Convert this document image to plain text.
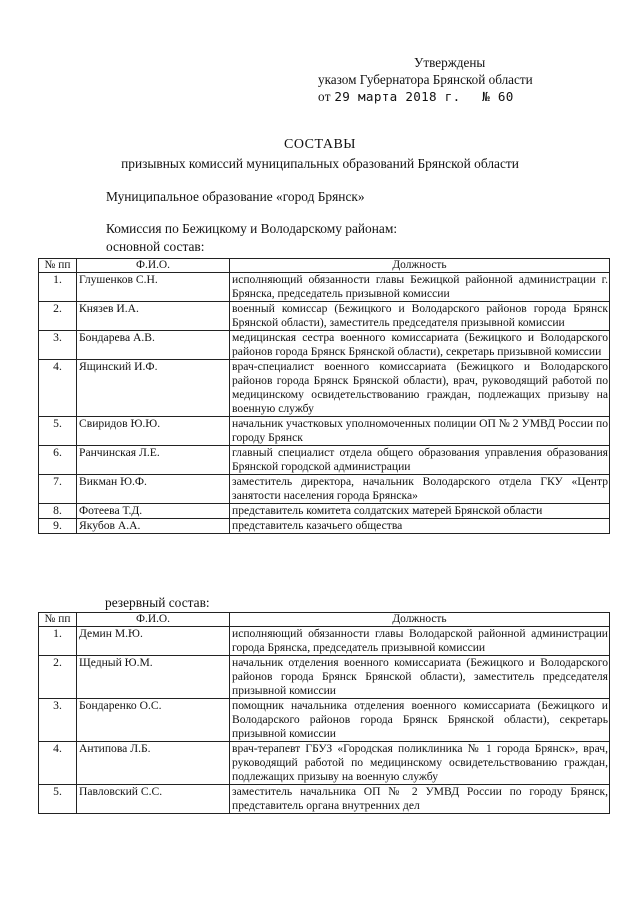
Утверждены
указом Губернатора Брянской области
от 29 марта 2018 г. № 60
СОСТАВЫ
призывных комиссий муниципальных образований Брянской области
Муниципальное образование «город Брянск»
Комиссия по Бежицкому и Володарскому районам:
основной состав:
№ пп	Ф.И.О.	Должность
1.	Глушенков С.Н.	исполняющий обязанности главы Бежицкой районной администрации г. Брянска, председатель призывной комиссии
2.	Князев И.А.	военный комиссар (Бежицкого и Володарского районов города Брянск Брянской области), заместитель председателя призывной комиссии
3.	Бондарева А.В.	медицинская сестра военного комиссариата (Бежицкого и Володарского районов города Брянск Брянской области), секретарь призывной комиссии
4.	Ящинский И.Ф.	врач-специалист военного комиссариата (Бежицкого и Володарского районов города Брянск Брянской области), врач, руководящий работой по медицинскому освидетельствованию граждан, подлежащих призыву на военную службу
5.	Свиридов Ю.Ю.	начальник участковых уполномоченных полиции ОП № 2 УМВД России по городу Брянск
6.	Ранчинская Л.Е.	главный специалист отдела общего образования управления образования Брянской городской администрации
7.	Викман Ю.Ф.	заместитель директора, начальник Володарского отдела ГКУ «Центр занятости населения города Брянска»
8.	Фотеева Т.Д.	представитель комитета солдатских матерей Брянской области
9.	Якубов А.А.	представитель казачьего общества
резервный состав:
№ пп	Ф.И.О.	Должность
1.	Демин М.Ю.	исполняющий обязанности главы Володарской районной администрации города Брянска, председатель призывной комиссии
2.	Щедный Ю.М.	начальник отделения военного комиссариата (Бежицкого и Володарского районов города Брянск Брянской области), заместитель председателя призывной комиссии
3.	Бондаренко О.С.	помощник начальника отделения военного комиссариата (Бежицкого и Володарского районов города Брянск Брянской области), секретарь призывной комиссии
4.	Антипова Л.Б.	врач-терапевт ГБУЗ «Городская поликлиника № 1 города Брянск», врач, руководящий работой по медицинскому освидетельствованию граждан, подлежащих призыву на военную службу
5.	Павловский С.С.	заместитель начальника ОП № 2 УМВД России по городу Брянск, представитель органа внутренних дел
